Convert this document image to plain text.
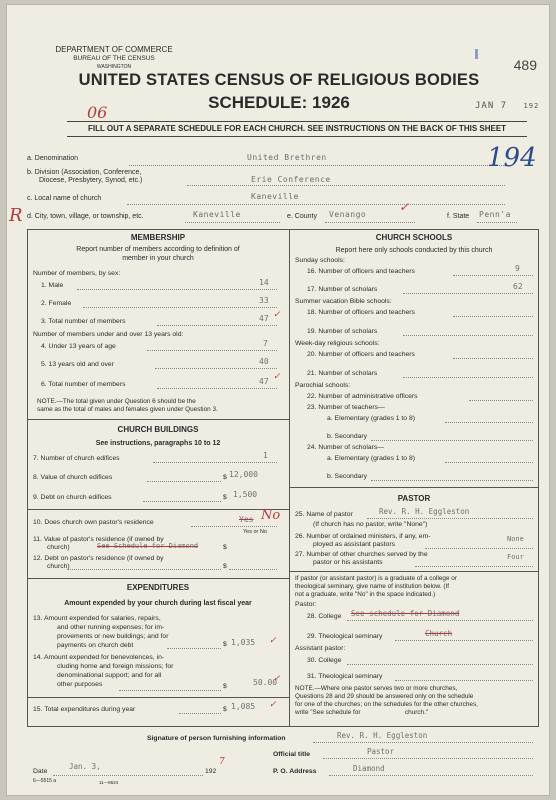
DEPARTMENT OF COMMERCE
BUREAU OF THE CENSUS
WASHINGTON	489
UNITED STATES CENSUS OF RELIGIOUS BODIES
SCHEDULE: 1926
06	JAN 7 192
FILL OUT A SEPARATE SCHEDULE FOR EACH CHURCH. SEE INSTRUCTIONS ON THE BACK OF THIS SHEET
a. Denomination	United Brethren	194
b. Division (Association, Conference,
Diocese, Presbytery, Synod, etc.)	Erie Conference
c. Local name of church	Kaneville
R d. City, town, village, or township, etc.	Kaneville	e. County Venango
✓
f. State Penn'a
MEMBERSHIP
Report number of members according to definition of
member in your church
Number of members, by sex:
1. Male	14
2. Female	33
3. Total number of members	47 ✓
Number of members under and over 13 years old:
4. Under 13 years of age	7
5. 13 years old and over	40
6. Total number of members	47
✓
NOTE.—The total given under Question 6 should be the
same as the total of males and females given under Question 3.
CHURCH BUILDINGS
See instructions, paragraphs 10 to 12
7. Number of church edifices	1
8. Value of church edifices	$ 12,000
9. Debt on church edifices	$ 1,500
10. Does church own pastor's residence	Yes No
Yes or No
11. Value of pastor's residence (if owned by
church)	$
See Schedule for Diamond
12. Debt on pastor's residence (if owned by
church)	$
EXPENDITURES
Amount expended by your church during last fiscal year
13. Amount expended for salaries, repairs,
and other running expenses; for im-
provements or new buildings; and for
payments on church debt	$ 1,035 ✓
14. Amount expended for benevolences, in-
cluding home and foreign missions; for
denominational support; and for all
other purposes	$	50.00
✓
15. Total expenditures during year	$ 1,085 ✓
CHURCH SCHOOLS
Report here only schools conducted by this church
Sunday schools:
16. Number of officers and teachers	9
17. Number of scholars	62
Summer vacation Bible schools:
18. Number of officers and teachers
19. Number of scholars
Week-day religious schools:
20. Number of officers and teachers
21. Number of scholars
Parochial schools:
22. Number of administrative officers
23. Number of teachers—
a. Elementary (grades 1 to 8)
b. Secondary
24. Number of scholars—
a. Elementary (grades 1 to 8)
b. Secondary
PASTOR
25. Name of pastor	Rev. R. H. Eggleston
(If church has no pastor, write "None")
26. Number of ordained ministers, if any, em-
ployed as assistant pastors
None
27. Number of other churches served by the
pastor or his assistants
Four
If pastor (or assistant pastor) is a graduate of a college or
theological seminary, give name of institution below. (If
not a graduate, write "No" in the space indicated.)
Pastor:
28. College See schedule for Diamond
29. Theological seminary	Church
Assistant pastor:
30. College
31. Theological seminary
NOTE.—Where one pastor serves two or more churches,
Questions 28 and 29 should be answered only on the schedule
for one of the churches; on the schedules for the other churches,
write "See schedule for                         church."
Signature of person furnishing information	Rev. R. H. Eggleston
Official title	Pastor
Date
Jan. 3,
192
7
P. O. Address	Diamond
6—5515 a	11—9624
